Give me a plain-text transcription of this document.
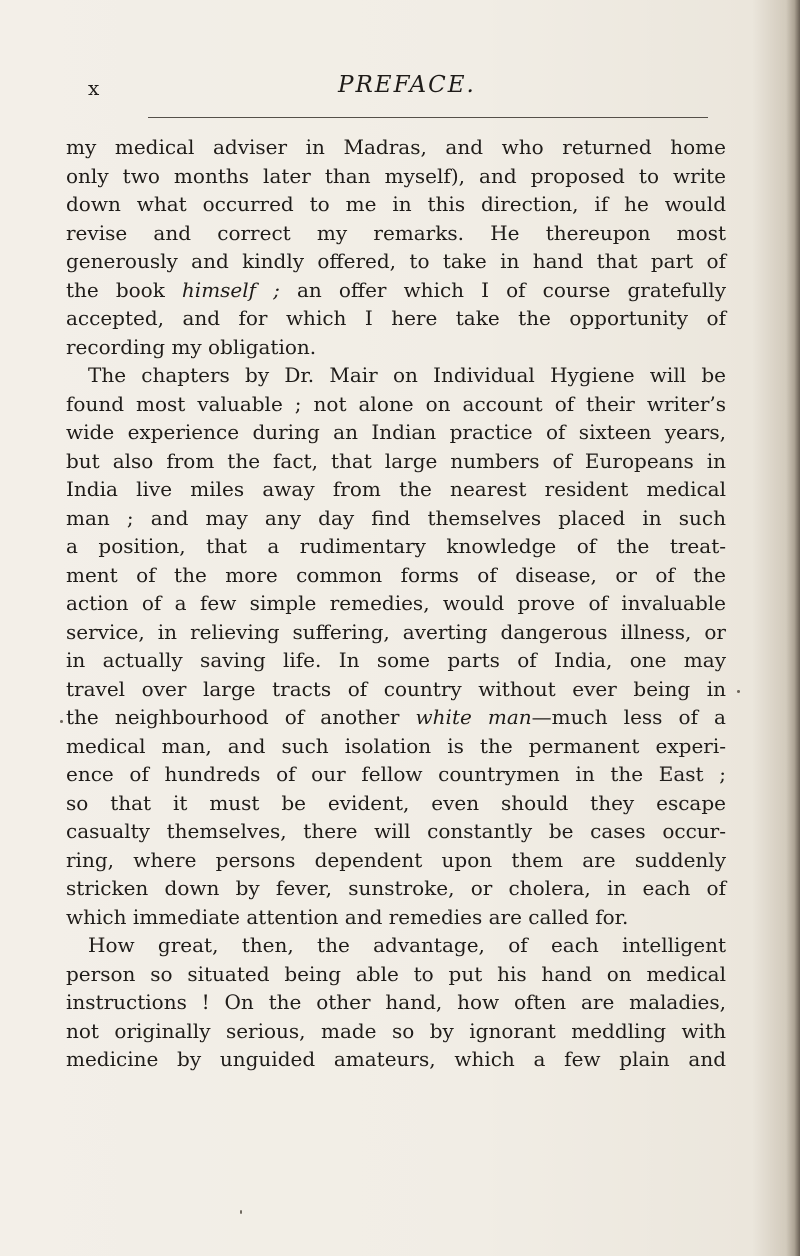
x	PREFACE.
my medical adviser in Madras, and who returned home
only two months later than myself), and proposed to write
down what occurred to me in this direction, if he would
revise and correct my remarks. He thereupon most
generously and kindly offered, to take in hand that part of
the book himself ; an offer which I of course gratefully
accepted, and for which I here take the opportunity of
recording my obligation.
The chapters by Dr. Mair on Individual Hygiene will be
found most valuable ; not alone on account of their writer’s
wide experience during an Indian practice of sixteen years,
but also from the fact, that large numbers of Europeans in
India live miles away from the nearest resident medical
man ; and may any day find themselves placed in such
a position, that a rudimentary knowledge of the treat-
ment of the more common forms of disease, or of the
action of a few simple remedies, would prove of invaluable
service, in relieving suffering, averting dangerous illness, or
in actually saving life. In some parts of India, one may
travel over large tracts of country without ever being in
the neighbourhood of another white man—much less of a
medical man, and such isolation is the permanent experi-
ence of hundreds of our fellow countrymen in the East ;
so that it must be evident, even should they escape
casualty themselves, there will constantly be cases occur-
ring, where persons dependent upon them are suddenly
stricken down by fever, sunstroke, or cholera, in each of
which immediate attention and remedies are called for.
How great, then, the advantage, of each intelligent
person so situated being able to put his hand on medical
instructions ! On the other hand, how often are maladies,
not originally serious, made so by ignorant meddling with
medicine by unguided amateurs, which a few plain and
